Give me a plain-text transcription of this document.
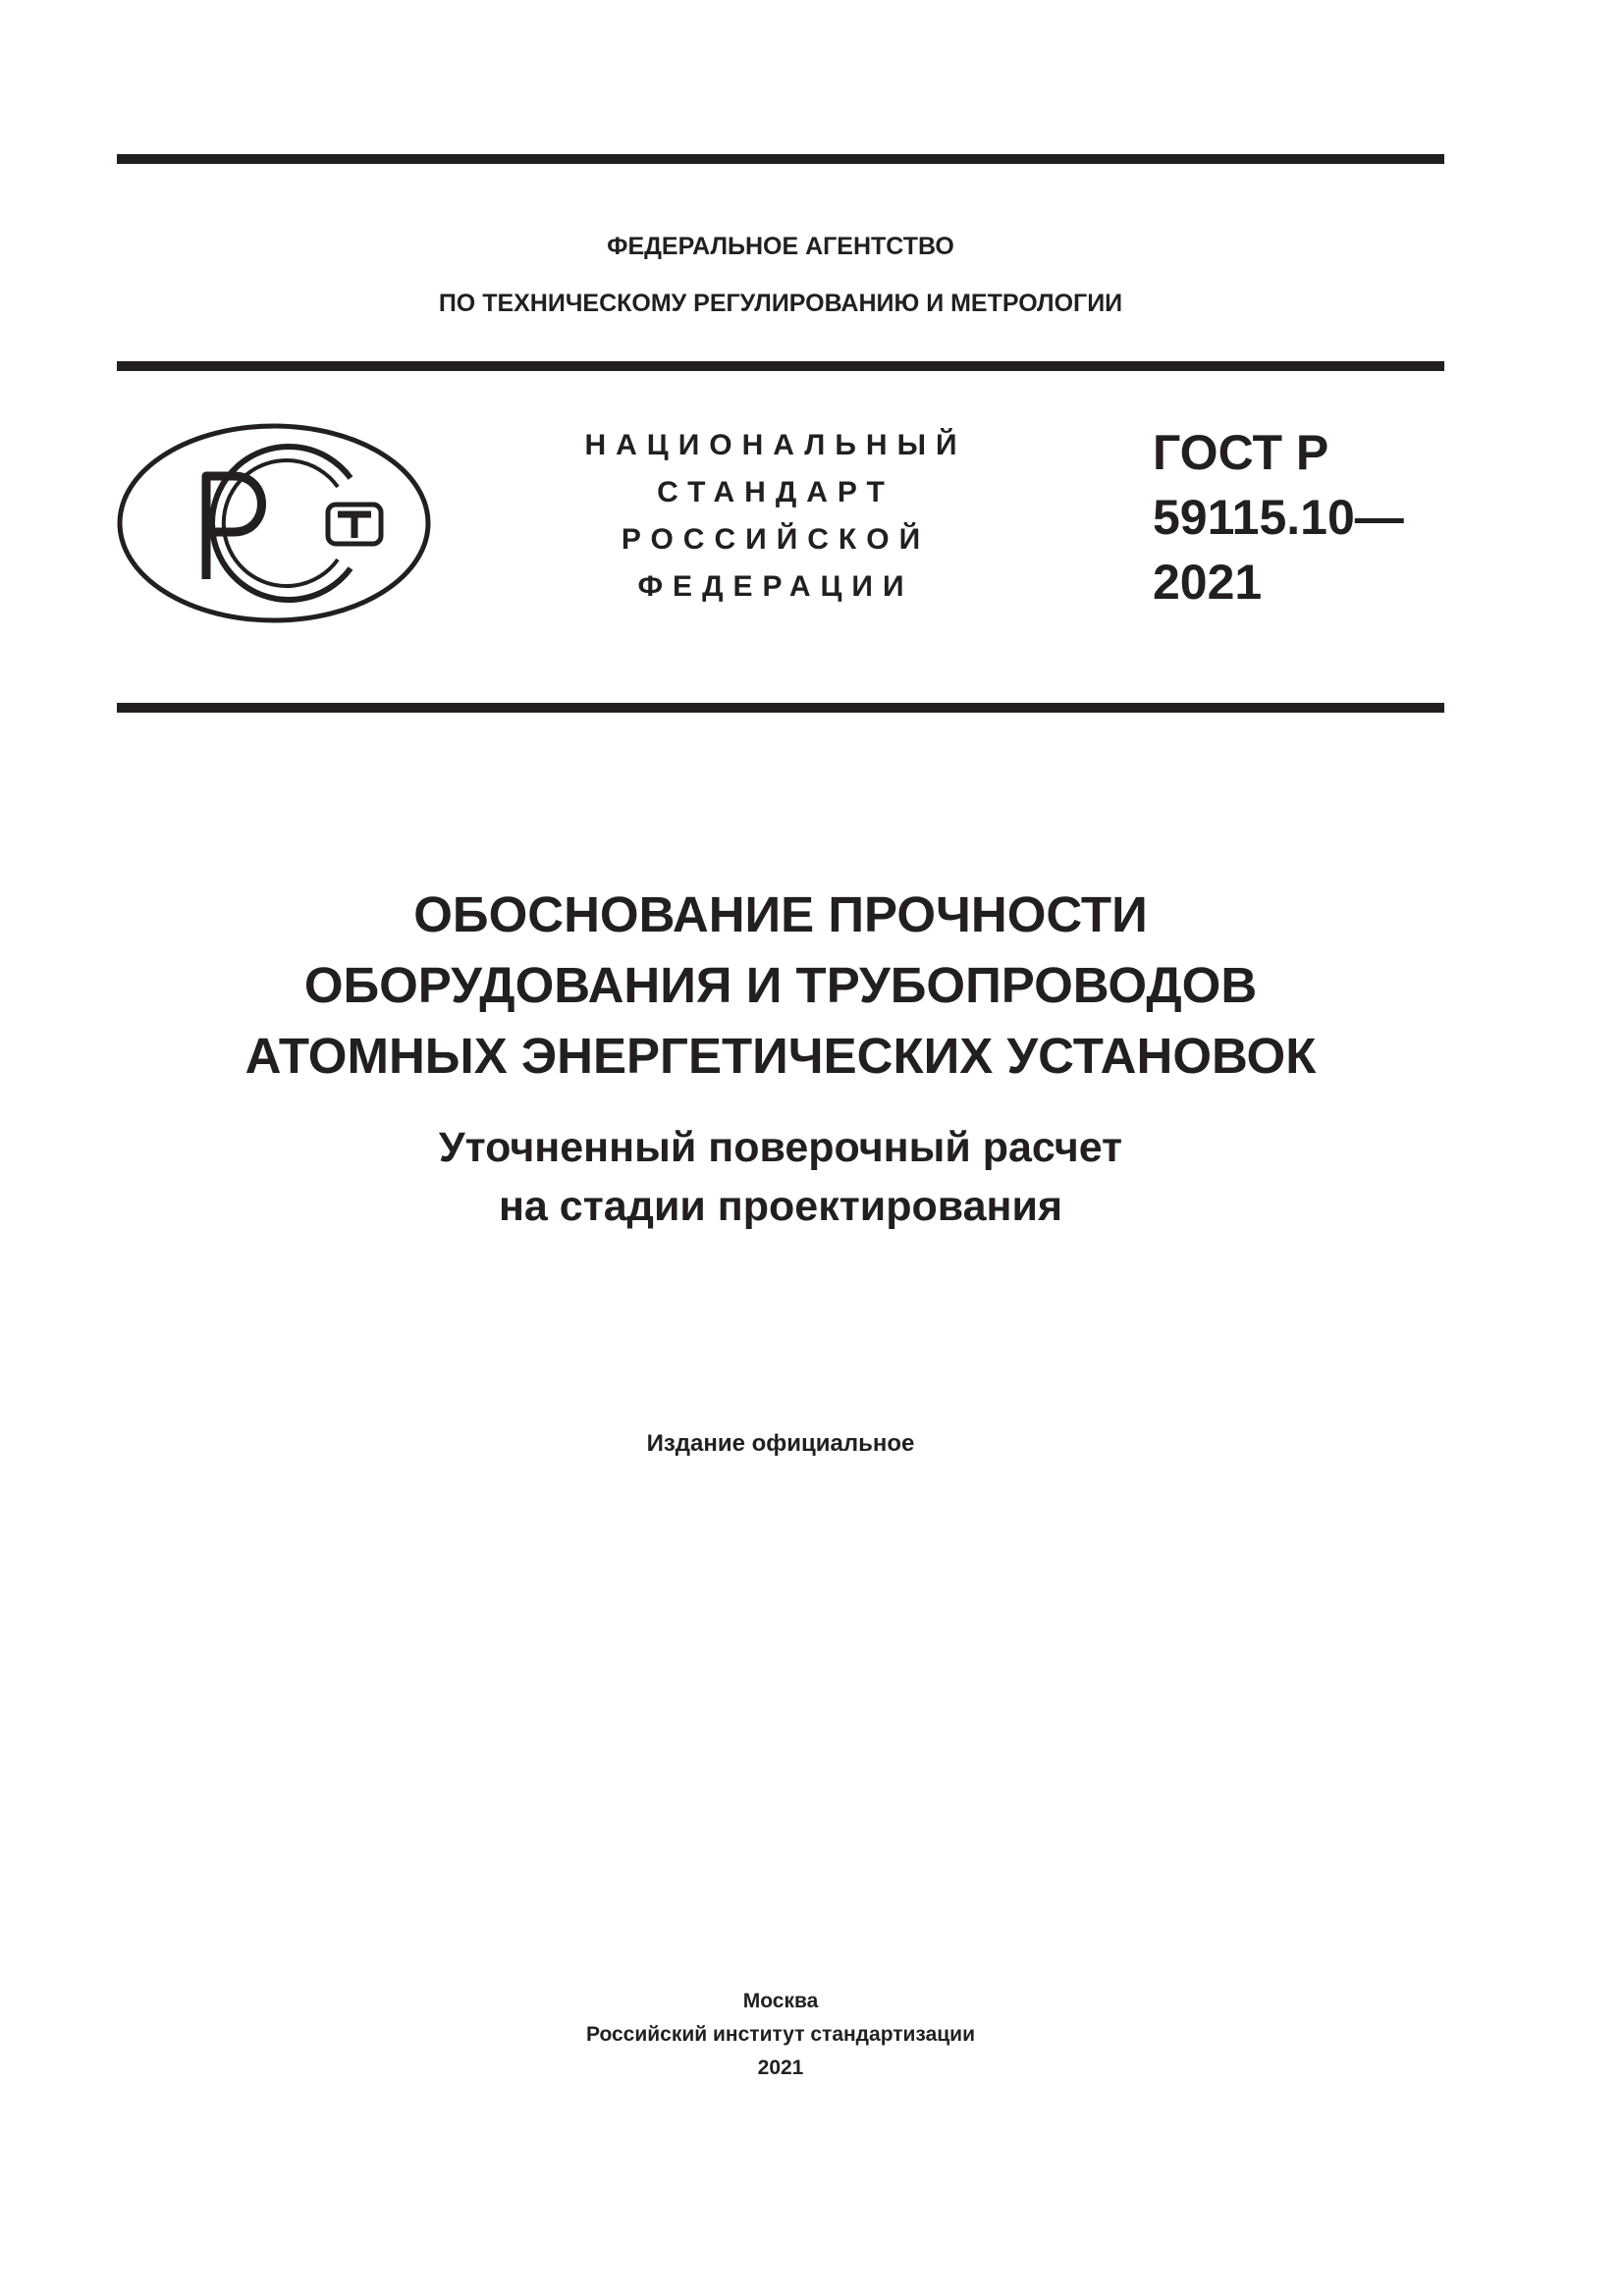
ФЕДЕРАЛЬНОЕ АГЕНТСТВО
ПО ТЕХНИЧЕСКОМУ РЕГУЛИРОВАНИЮ И МЕТРОЛОГИИ
НАЦИОНАЛЬНЫЙ
СТАНДАРТ
РОССИЙСКОЙ
ФЕДЕРАЦИИ
ГОСТ Р
59115.10—
2021
ОБОСНОВАНИЕ ПРОЧНОСТИ
ОБОРУДОВАНИЯ И ТРУБОПРОВОДОВ
АТОМНЫХ ЭНЕРГЕТИЧЕСКИХ УСТАНОВОК
Уточненный поверочный расчет
на стадии проектирования
Издание официальное
Москва
Российский институт стандартизации
2021
